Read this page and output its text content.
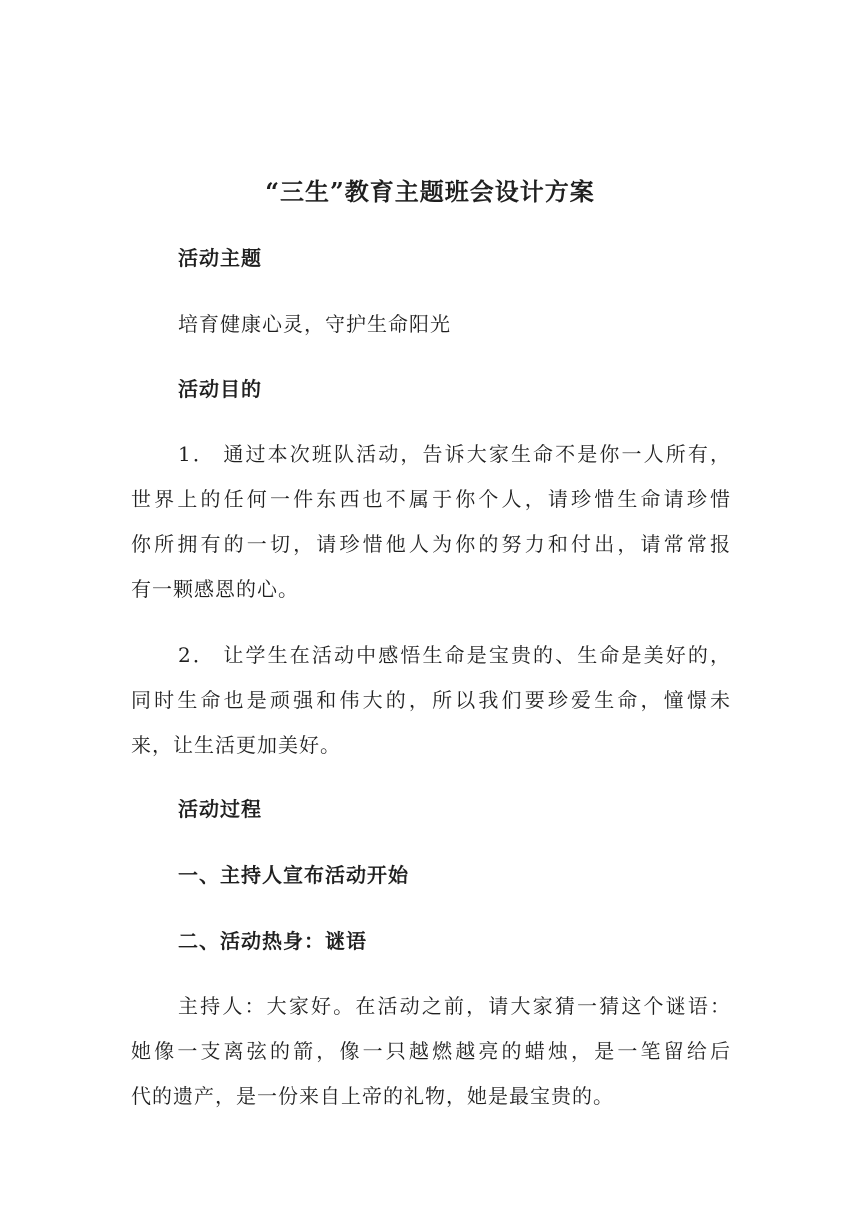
“三生”教育主题班会设计方案
活动主题
培育健康心灵，守护生命阳光
活动目的
1． 通过本次班队活动，告诉大家生命不是你一人所有，
世界上的任何一件东西也不属于你个人，请珍惜生命请珍惜
你所拥有的一切，请珍惜他人为你的努力和付出，请常常报
有一颗感恩的心。
2． 让学生在活动中感悟生命是宝贵的、生命是美好的，
同时生命也是顽强和伟大的，所以我们要珍爱生命，憧憬未
来，让生活更加美好。
活动过程
一、主持人宣布活动开始
二、活动热身：谜语
主持人：大家好。在活动之前，请大家猜一猜这个谜语：
她像一支离弦的箭，像一只越燃越亮的蜡烛，是一笔留给后
代的遗产，是一份来自上帝的礼物，她是最宝贵的。
